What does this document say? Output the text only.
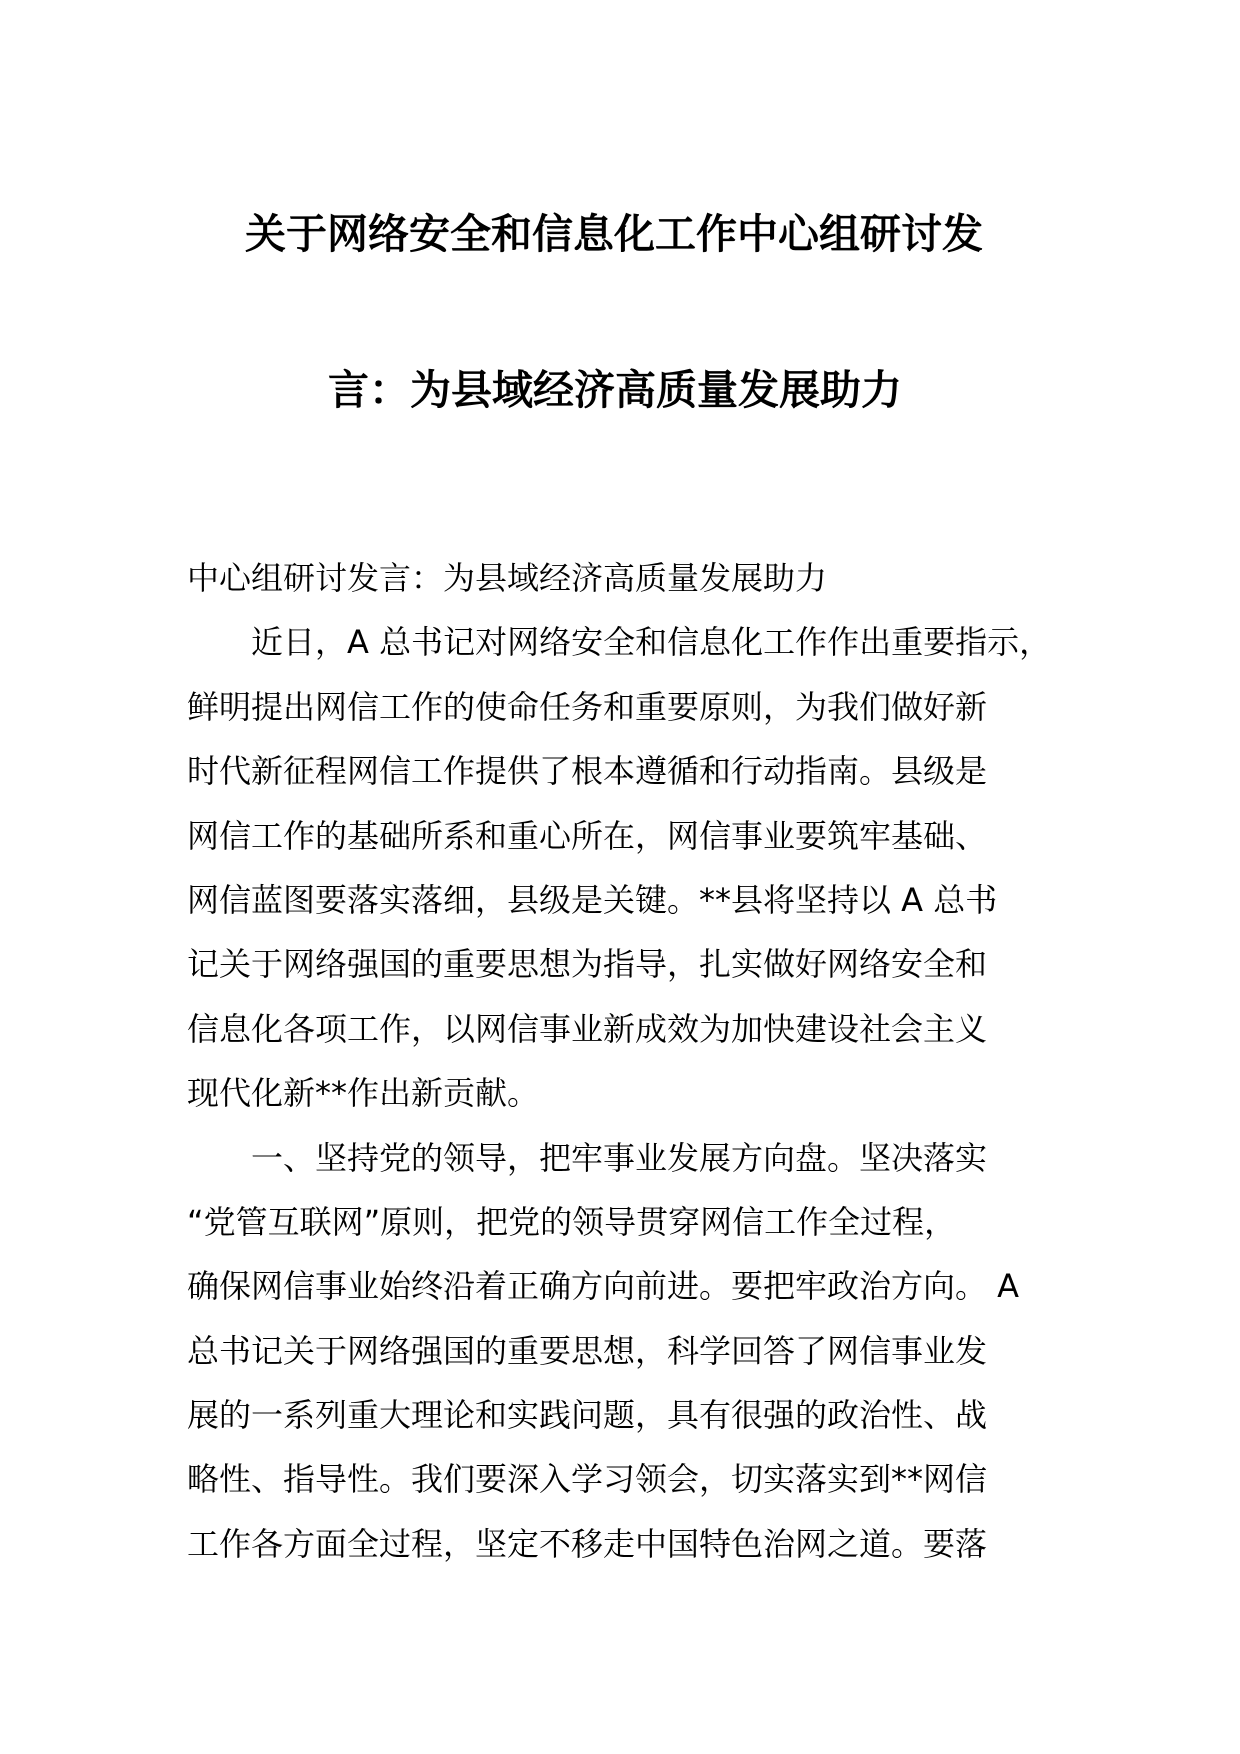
关于网络安全和信息化工作中心组研讨发
言：为县域经济高质量发展助力
中心组研讨发言：为县域经济高质量发展助力
　　近日，A 总书记对网络安全和信息化工作作出重要指示，
鲜明提出网信工作的使命任务和重要原则，为我们做好新
时代新征程网信工作提供了根本遵循和行动指南。县级是
网信工作的基础所系和重心所在，网信事业要筑牢基础、
网信蓝图要落实落细，县级是关键。**县将坚持以 A 总书
记关于网络强国的重要思想为指导，扎实做好网络安全和
信息化各项工作，以网信事业新成效为加快建设社会主义
现代化新**作出新贡献。
　　一、坚持党的领导，把牢事业发展方向盘。坚决落实
“党管互联网”原则，把党的领导贯穿网信工作全过程，
确保网信事业始终沿着正确方向前进。要把牢政治方向。 A
总书记关于网络强国的重要思想，科学回答了网信事业发
展的一系列重大理论和实践问题，具有很强的政治性、战
略性、指导性。我们要深入学习领会，切实落实到**网信
工作各方面全过程，坚定不移走中国特色治网之道。要落
